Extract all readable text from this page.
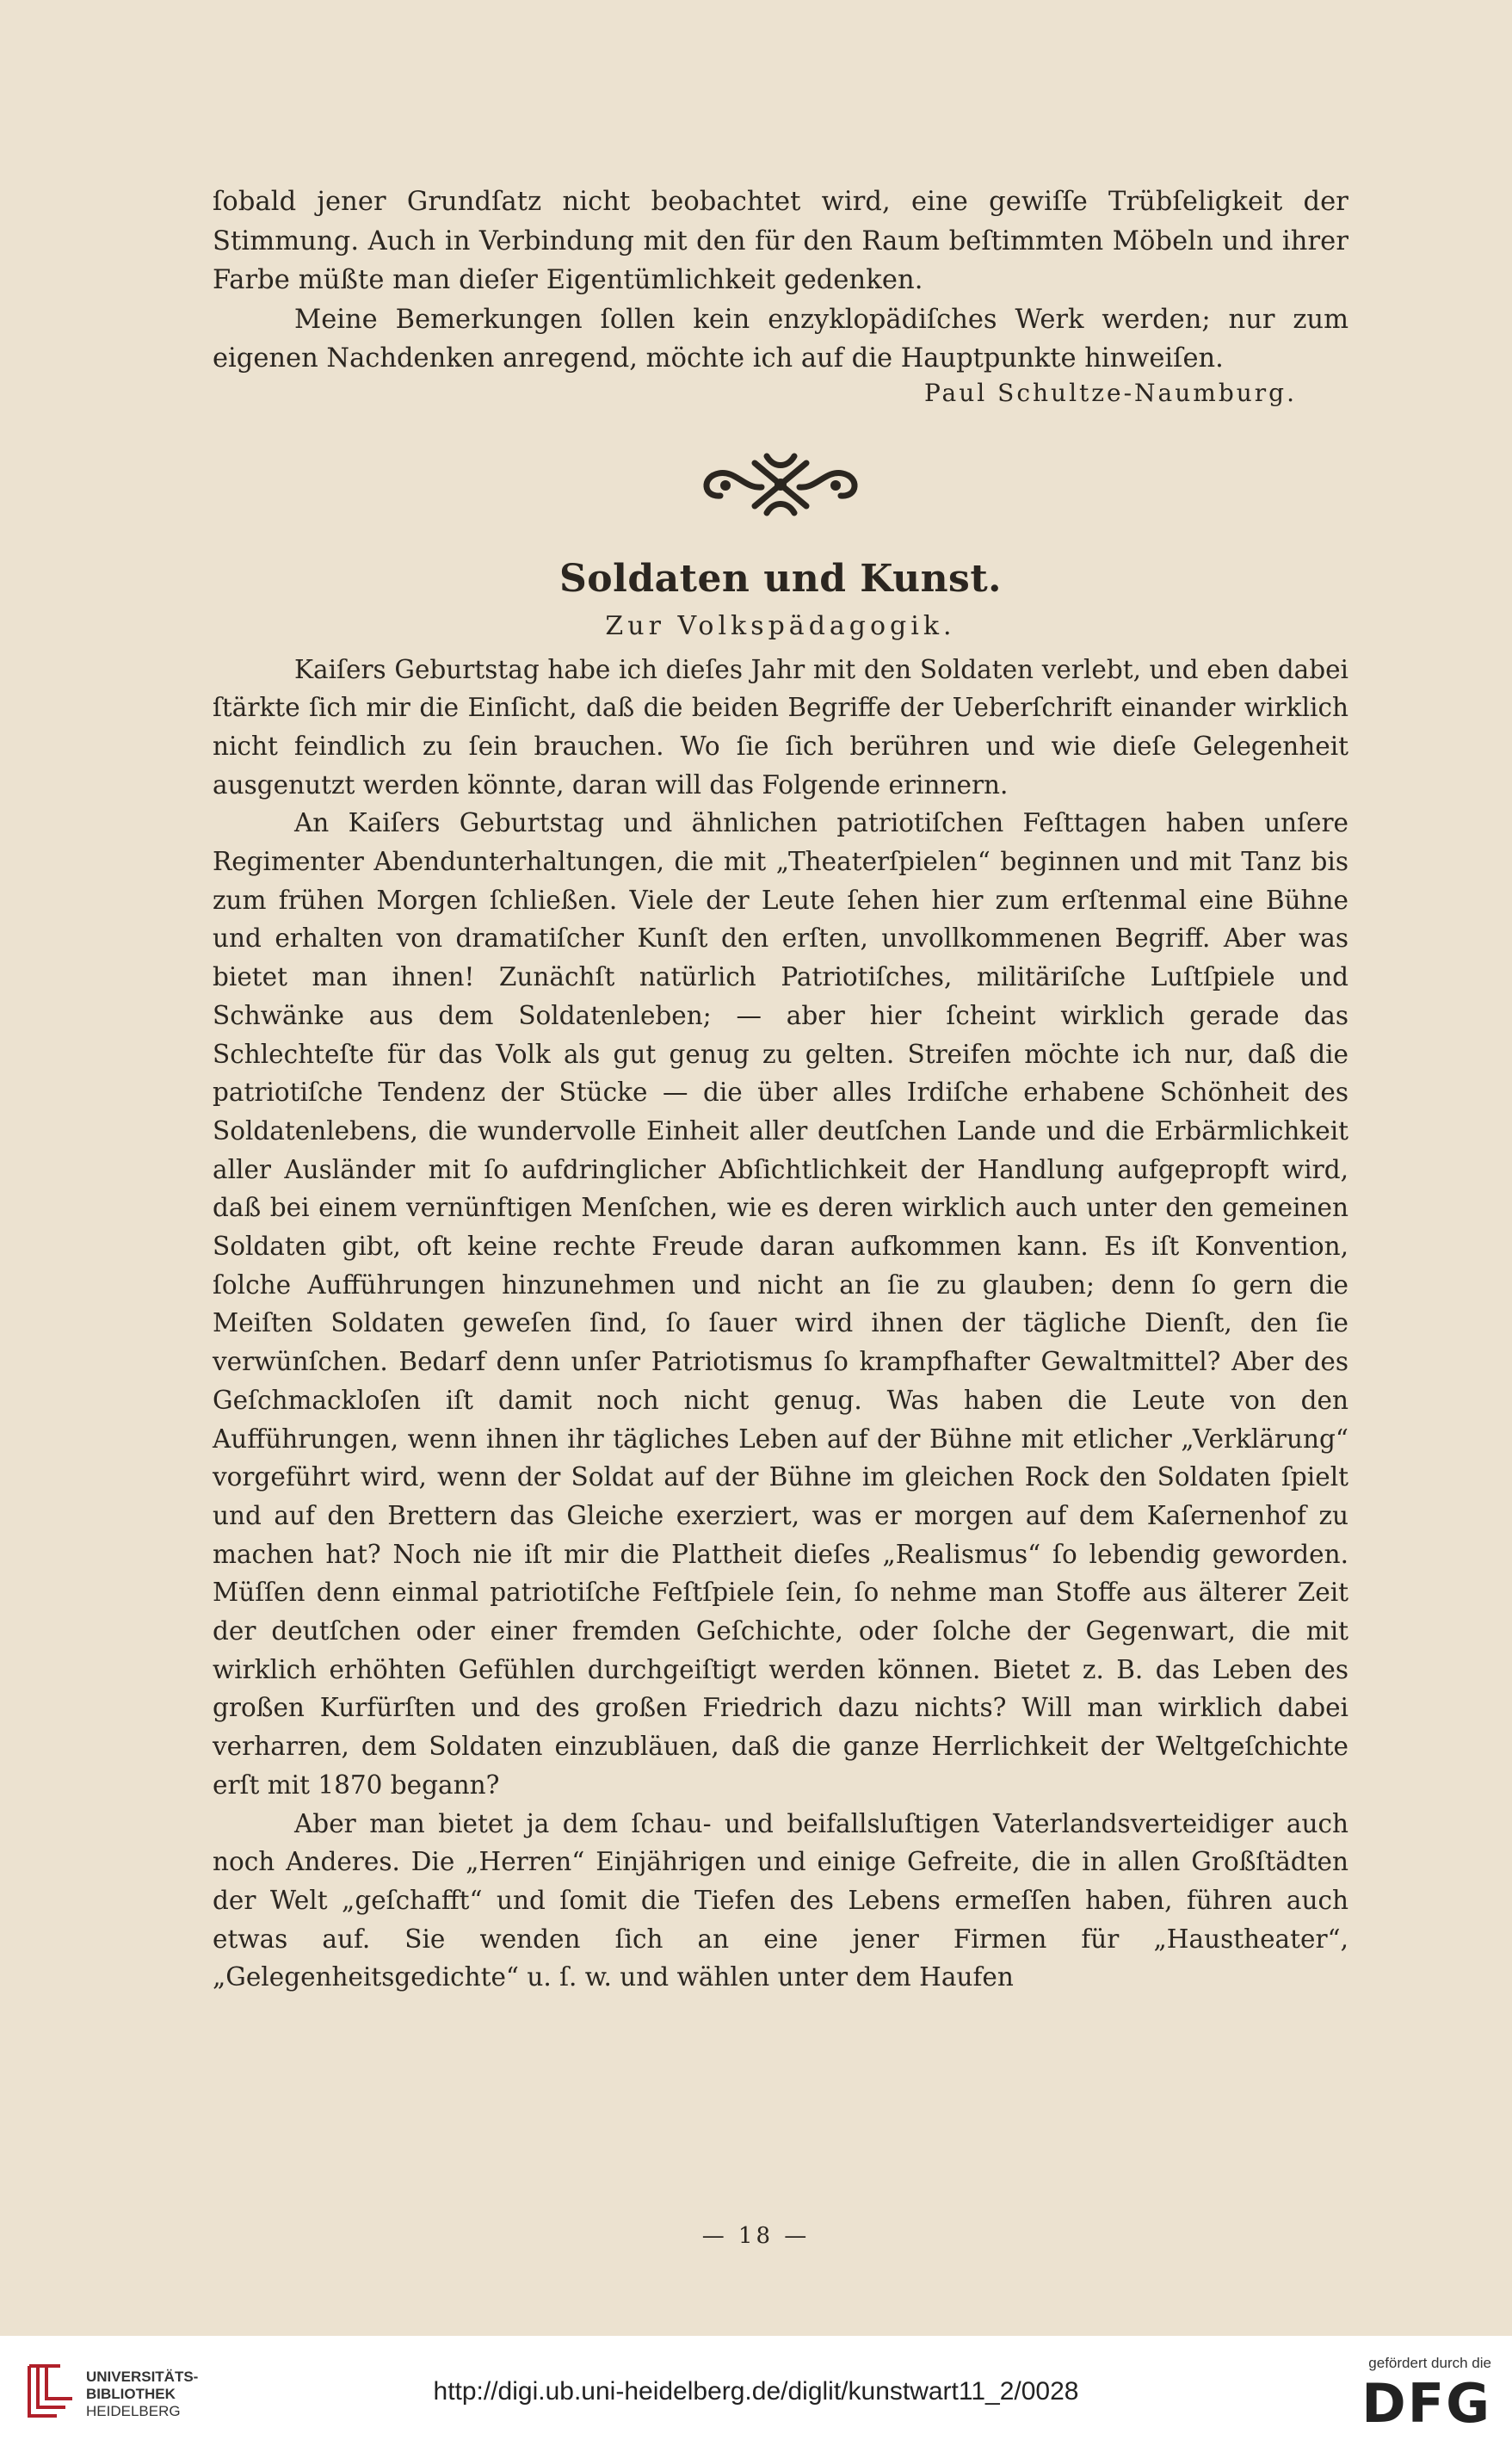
ſobald jener Grundſatz nicht beobachtet wird, eine gewiſſe Trübſeligkeit der Stimmung. Auch in Verbindung mit den für den Raum beſtimmten Möbeln und ihrer Farbe müßte man dieſer Eigentümlichkeit gedenken.

Meine Bemerkungen ſollen kein enzyklopädiſches Werk werden; nur zum eigenen Nachdenken anregend, möchte ich auf die Hauptpunkte hinweiſen.

Paul Schultze-Naumburg.

Soldaten und Kunst.
Zur Volkspädagogik.

Kaiſers Geburtstag habe ich dieſes Jahr mit den Soldaten verlebt, und eben dabei ſtärkte ſich mir die Einſicht, daß die beiden Begriffe der Ueberſchrift einander wirklich nicht feindlich zu ſein brauchen. Wo ſie ſich berühren und wie dieſe Gelegenheit ausgenutzt werden könnte, daran will das Folgende erinnern.

An Kaiſers Geburtstag und ähnlichen patriotiſchen Feſttagen haben unſere Regimenter Abendunterhaltungen, die mit „Theaterſpielen“ beginnen und mit Tanz bis zum frühen Morgen ſchließen. Viele der Leute ſehen hier zum erſtenmal eine Bühne und erhalten von dramatiſcher Kunſt den erſten, unvollkommenen Begriff. Aber was bietet man ihnen! Zunächſt natürlich Patriotiſches, militäriſche Luſtſpiele und Schwänke aus dem Soldatenleben; — aber hier ſcheint wirklich gerade das Schlechteſte für das Volk als gut genug zu gelten. Streifen möchte ich nur, daß die patriotiſche Tendenz der Stücke — die über alles Irdiſche erhabene Schönheit des Soldatenlebens, die wundervolle Einheit aller deutſchen Lande und die Erbärmlichkeit aller Ausländer mit ſo aufdringlicher Abſichtlichkeit der Handlung aufgepropft wird, daß bei einem vernünftigen Menſchen, wie es deren wirklich auch unter den gemeinen Soldaten gibt, oft keine rechte Freude daran aufkommen kann. Es iſt Konvention, ſolche Aufführungen hinzunehmen und nicht an ſie zu glauben; denn ſo gern die Meiſten Soldaten geweſen ſind, ſo ſauer wird ihnen der tägliche Dienſt, den ſie verwünſchen. Bedarf denn unſer Patriotismus ſo krampfhafter Gewaltmittel? Aber des Geſchmackloſen iſt damit noch nicht genug. Was haben die Leute von den Aufführungen, wenn ihnen ihr tägliches Leben auf der Bühne mit etlicher „Verklärung“ vorgeführt wird, wenn der Soldat auf der Bühne im gleichen Rock den Soldaten ſpielt und auf den Brettern das Gleiche exerziert, was er morgen auf dem Kaſernenhof zu machen hat? Noch nie iſt mir die Plattheit dieſes „Realismus“ ſo lebendig geworden. Müſſen denn einmal patriotiſche Feſtſpiele ſein, ſo nehme man Stoffe aus älterer Zeit der deutſchen oder einer fremden Geſchichte, oder ſolche der Gegenwart, die mit wirklich erhöhten Gefühlen durchgeiſtigt werden können. Bietet z. B. das Leben des großen Kurfürſten und des großen Friedrich dazu nichts? Will man wirklich dabei verharren, dem Soldaten einzubläuen, daß die ganze Herrlichkeit der Weltgeſchichte erſt mit 1870 begann?

Aber man bietet ja dem ſchau- und beifallsluſtigen Vaterlandsverteidiger auch noch Anderes. Die „Herren“ Einjährigen und einige Gefreite, die in allen Großſtädten der Welt „geſchafft“ und ſomit die Tiefen des Lebens ermeſſen haben, führen auch etwas auf. Sie wenden ſich an eine jener Firmen für „Haustheater“, „Gelegenheitsgedichte“ u. ſ. w. und wählen unter dem Haufen

— 18 —
UNIVERSITÄTS-
BIBLIOTHEK
HEIDELBERG
http://digi.ub.uni-heidelberg.de/diglit/kunstwart11_2/0028
gefördert durch die
DFG
